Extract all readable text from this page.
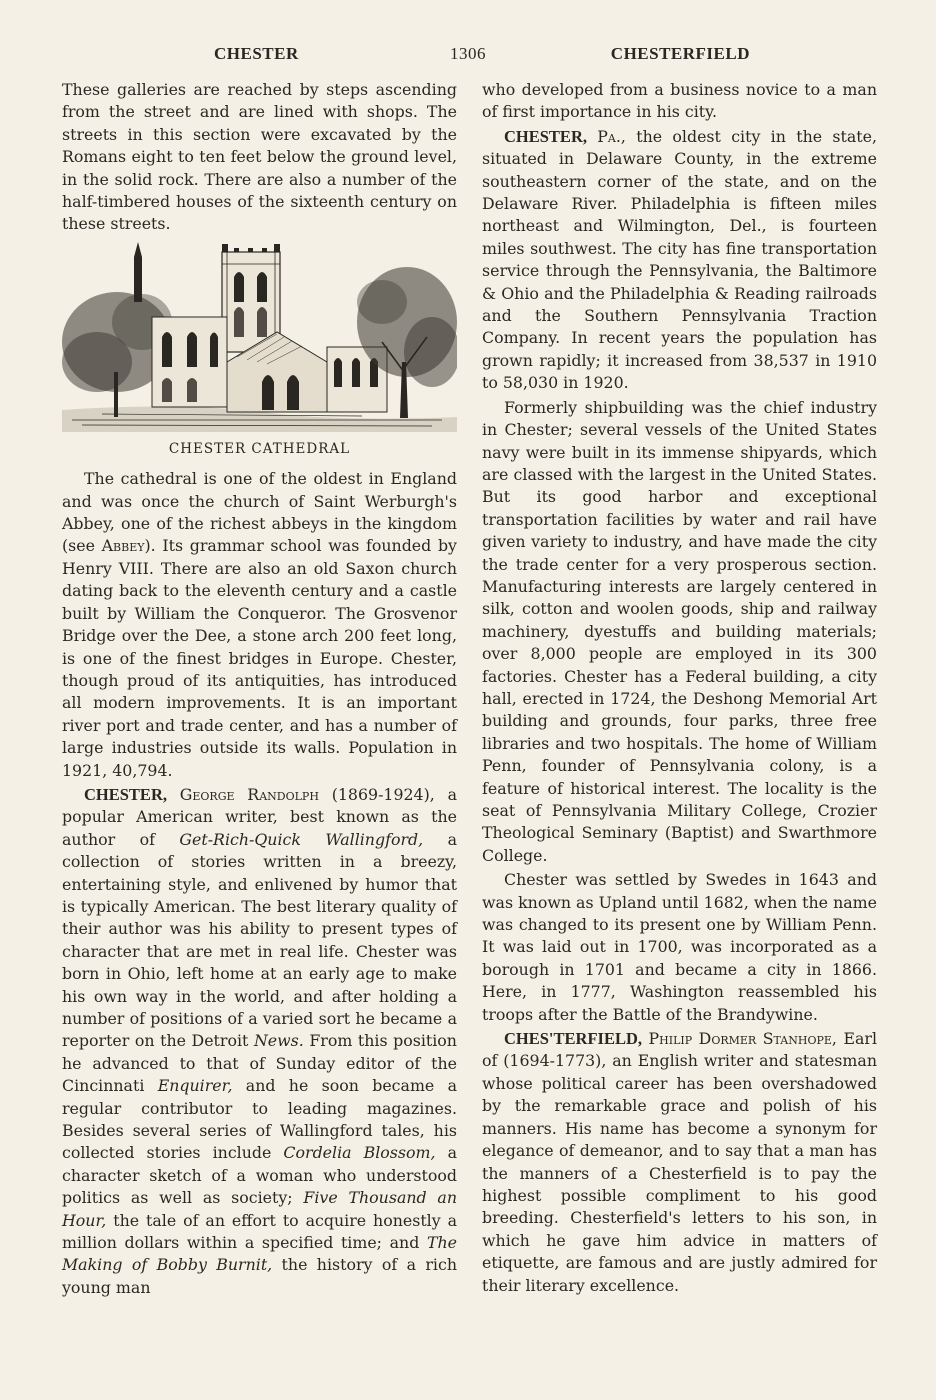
CHESTER	1306	CHESTERFIELD

These galleries are reached by steps ascending from the street and are lined with shops. The streets in this section were excavated by the Romans eight to ten feet below the ground level, in the solid rock. There are also a number of the half-timbered houses of the sixteenth century on these streets.

CHESTER CATHEDRAL

The cathedral is one of the oldest in England and was once the church of Saint Werburgh's Abbey, one of the richest abbeys in the kingdom (see Abbey). Its grammar school was founded by Henry VIII. There are also an old Saxon church dating back to the eleventh century and a castle built by William the Conqueror. The Grosvenor Bridge over the Dee, a stone arch 200 feet long, is one of the finest bridges in Europe. Chester, though proud of its antiquities, has introduced all modern improvements. It is an important river port and trade center, and has a number of large industries outside its walls. Population in 1921, 40,794.

CHESTER, George Randolph (1869-1924), a popular American writer, best known as the author of Get-Rich-Quick Wallingford, a collection of stories written in a breezy, entertaining style, and enlivened by humor that is typically American. The best literary quality of their author was his ability to present types of character that are met in real life. Chester was born in Ohio, left home at an early age to make his own way in the world, and after holding a number of positions of a varied sort he became a reporter on the Detroit News. From this position he advanced to that of Sunday editor of the Cincinnati Enquirer, and he soon became a regular contributor to leading magazines. Besides several series of Wallingford tales, his collected stories include Cordelia Blossom, a character sketch of a woman who understood politics as well as society; Five Thousand an Hour, the tale of an effort to acquire honestly a million dollars within a specified time; and The Making of Bobby Burnit, the history of a rich young man

who developed from a business novice to a man of first importance in his city.

CHESTER, Pa., the oldest city in the state, situated in Delaware County, in the extreme southeastern corner of the state, and on the Delaware River. Philadelphia is fifteen miles northeast and Wilmington, Del., is fourteen miles southwest. The city has fine transportation service through the Pennsylvania, the Baltimore & Ohio and the Philadelphia & Reading railroads and the Southern Pennsylvania Traction Company. In recent years the population has grown rapidly; it increased from 38,537 in 1910 to 58,030 in 1920.

Formerly shipbuilding was the chief industry in Chester; several vessels of the United States navy were built in its immense shipyards, which are classed with the largest in the United States. But its good harbor and exceptional transportation facilities by water and rail have given variety to industry, and have made the city the trade center for a very prosperous section. Manufacturing interests are largely centered in silk, cotton and woolen goods, ship and railway machinery, dyestuffs and building materials; over 8,000 people are employed in its 300 factories. Chester has a Federal building, a city hall, erected in 1724, the Deshong Memorial Art building and grounds, four parks, three free libraries and two hospitals. The home of William Penn, founder of Pennsylvania colony, is a feature of historical interest. The locality is the seat of Pennsylvania Military College, Crozier Theological Seminary (Baptist) and Swarthmore College.

Chester was settled by Swedes in 1643 and was known as Upland until 1682, when the name was changed to its present one by William Penn. It was laid out in 1700, was incorporated as a borough in 1701 and became a city in 1866. Here, in 1777, Washington reassembled his troops after the Battle of the Brandywine.

CHES'TERFIELD, Philip Dormer Stanhope, Earl of (1694-1773), an English writer and statesman whose political career has been overshadowed by the remarkable grace and polish of his manners. His name has become a synonym for elegance of demeanor, and to say that a man has the manners of a Chesterfield is to pay the highest possible compliment to his good breeding. Chesterfield's letters to his son, in which he gave him advice in matters of etiquette, are famous and are justly admired for their literary excellence.
